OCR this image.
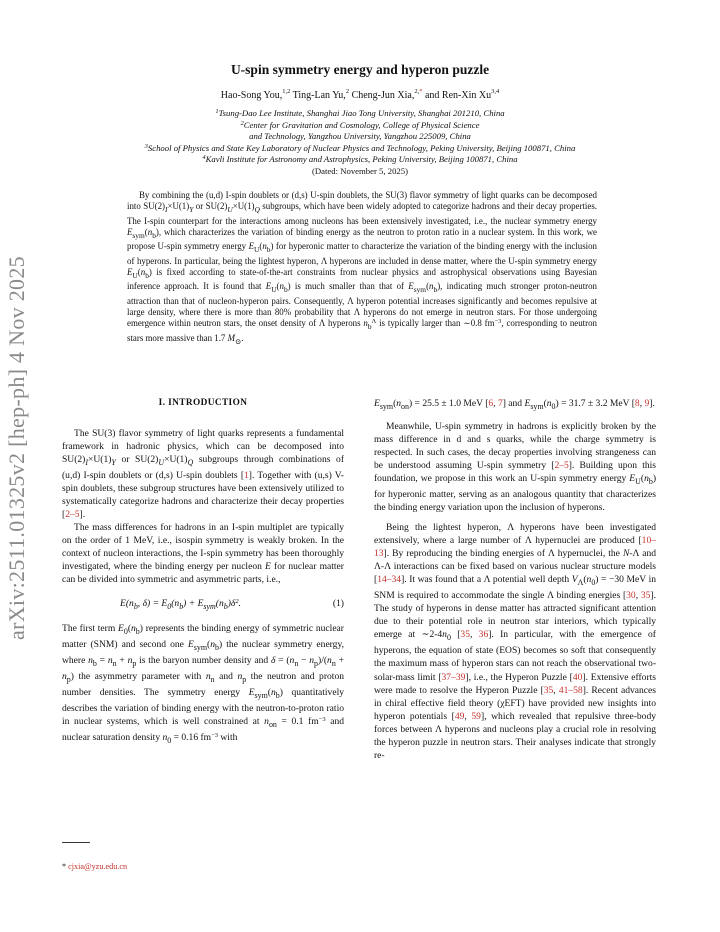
arXiv:2511.01325v2 [hep-ph] 4 Nov 2025
U-spin symmetry energy and hyperon puzzle
Hao-Song You,$^{1,2}$ Ting-Lan Yu,$^2$ Cheng-Jun Xia,$^{2,*}$ and Ren-Xin Xu$^{3,4}$
$^1$Tsung-Dao Lee Institute, Shanghai Jiao Tong University, Shanghai 201210, China
$^2$Center for Gravitation and Cosmology, College of Physical Science
and Technology, Yangzhou University, Yangzhou 225009, China
$^3$School of Physics and State Key Laboratory of Nuclear Physics and Technology, Peking University, Beijing 100871, China
$^4$Kavli Institute for Astronomy and Astrophysics, Peking University, Beijing 100871, China
(Dated: November 5, 2025)
By combining the (u,d) I-spin doublets or (d,s) U-spin doublets, the SU(3) flavor symmetry of light quarks can be decomposed into $SU(2)_I\times U(1)_Y$ or $SU(2)_U\times U(1)_Q$ subgroups, which have been widely adopted to categorize hadrons and their decay properties. The I-spin counterpart for the interactions among nucleons has been extensively investigated, i.e., the nuclear symmetry energy $E_{sym}(n_b)$, which characterizes the variation of binding energy as the neutron to proton ratio in a nuclear system. In this work, we propose U-spin symmetry energy $E_U(n_b)$ for hyperonic matter to characterize the variation of the binding energy with the inclusion of hyperons. In particular, being the lightest hyperon, Λ hyperons are included in dense matter, where the U-spin symmetry energy $E_U(n_b)$ is fixed according to state-of-the-art constraints from nuclear physics and astrophysical observations using Bayesian inference approach. It is found that $E_U(n_b)$ is much smaller than that of $E_{sym}(n_b)$, indicating much stronger proton-neutron attraction than that of nucleon-hyperon pairs. Consequently, Λ hyperon potential increases significantly and becomes repulsive at large density, where there is more than 80% probability that Λ hyperons do not emerge in neutron stars. For those undergoing emergence within neutron stars, the onset density of Λ hyperons $n_b^\Lambda$ is typically larger than ∼0.8 $fm^{-3}$, corresponding to neutron stars more massive than 1.7 $M_⊙$.
I. INTRODUCTION

The SU(3) flavor symmetry of light quarks represents a fundamental framework in hadronic physics, which can be decomposed into $SU(2)_I\times U(1)_Y$ or $SU(2)_U\times U(1)_Q$ subgroups through combinations of (u,d) I-spin doublets or (d,s) U-spin doublets [1]. Together with (u,s) V-spin doublets, these subgroup structures have been extensively utilized to systematically categorize hadrons and characterize their decay properties [2–5].

The mass differences for hadrons in an I-spin multiplet are typically on the order of 1 MeV, i.e., isospin symmetry is weakly broken. In the context of nucleon interactions, the I-spin symmetry has been thoroughly investigated, where the binding energy per nucleon E for nuclear matter can be divided into symmetric and asymmetric parts, i.e.,

E ($n_b$, $\delta) = E_0(n_b) + E_{sym}(n_b)\delta^2$.	(1)

The first term $E_0(n_b)$ represents the binding energy of symmetric nuclear matter (SNM) and second one $E_{sym}(n_b)$ the nuclear symmetry energy, where $n_b = n_n + n_p$ is the baryon number density and $\delta = (n_n - n_p)/(n_n + n_p)$ the asymmetry parameter with $n_n$ and $n_p$ the neutron and proton number densities. The symmetry energy $E_{sym}(n_b)$ quantitatively describes the variation of binding energy with the neutron-to-proton ratio in nuclear systems, which is well constrained at $n_{on} = 0.1$ $fm^{-3}$ and nuclear saturation density $n_0 = 0.16$ $fm^{-3}$ with

$E_{sym}(n_{on}) = 25.5 \pm 1.0$ MeV [6, 7] and $E_{sym}(n_0) = 31.7 \pm 3.2$ MeV [8, 9].

Meanwhile, U-spin symmetry in hadrons is explicitly broken by the mass difference in d and s quarks, while the charge symmetry is respected. In such cases, the decay properties involving strangeness can be understood assuming U-spin symmetry [2–5]. Building upon this foundation, we propose in this work an U-spin symmetry energy $E_U(n_b)$ for hyperonic matter, serving as an analogous quantity that characterizes the binding energy variation upon the inclusion of hyperons.

Being the lightest hyperon, Λ hyperons have been investigated extensively, where a large number of Λ hypernuclei are produced [10–13]. By reproducing the binding energies of Λ hypernuclei, the N-Λ and Λ-Λ interactions can be fixed based on various nuclear structure models [14–34]. It was found that a Λ potential well depth $V_\Lambda(n_0) = -30$ MeV in SNM is required to accommodate the single Λ binding energies [30, 35]. The study of hyperons in dense matter has attracted significant attention due to their potential role in neutron star interiors, which typically emerge at $\sim 2-4n_0$ [35, 36]. In particular, with the emergence of hyperons, the equation of state (EOS) becomes so soft that consequently the maximum mass of hyperon stars can not reach the observational two-solar-mass limit [37–39], i.e., the Hyperon Puzzle [40]. Extensive efforts were made to resolve the Hyperon Puzzle [35, 41–58]. Recent advances in chiral effective field theory (χEFT) have provided new insights into hyperon potentials [49, 59], which revealed that repulsive three-body forces between Λ hyperons and nucleons play a crucial role in resolving the hyperon puzzle in neutron stars. Their analyses indicate that strongly re-

* cjxia@yzu.edu.cn
